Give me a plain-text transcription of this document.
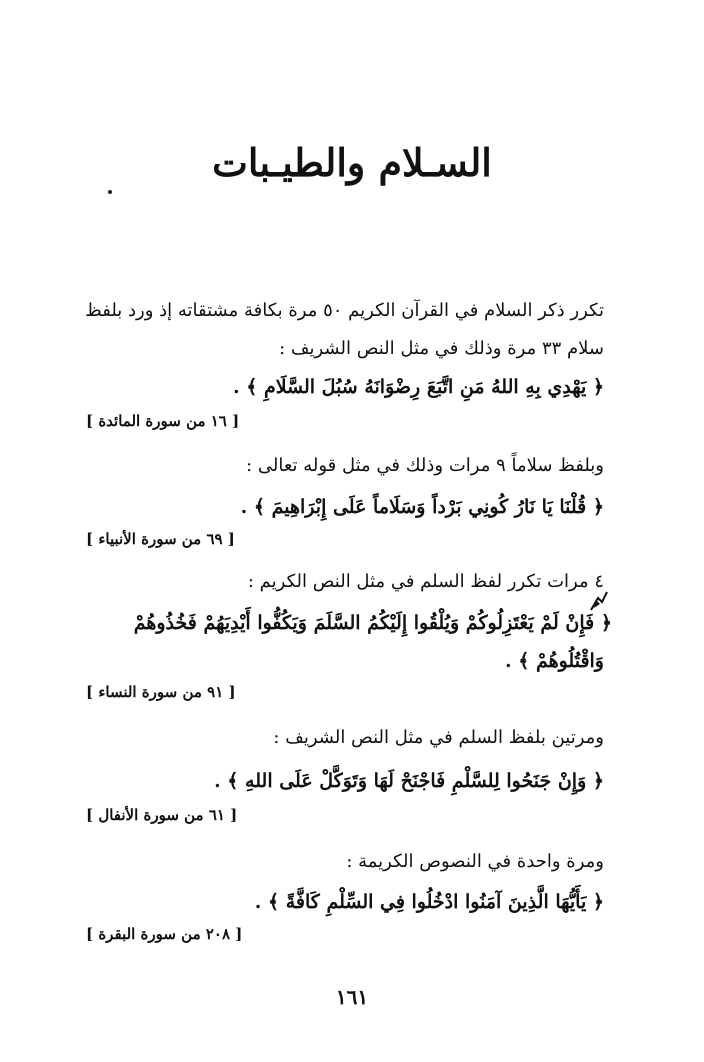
السـلام والطيـبات
تكرر ذكر السلام في القرآن الكريم ٥٠ مرة بكافة مشتقاته إذ ورد بلفظ
سلام ٣٣ مرة وذلك في مثل النص الشريف :
﴿ يَهْدِي بِهِ اللهُ مَنِ اتَّبَعَ رِضْوَانَهُ سُبُلَ السَّلَامِ ﴾ .
[ ١٦ من سورة المائدة ]
وبلفظ سلاماً ٩ مرات وذلك في مثل قوله تعالى :
﴿ قُلْنَا يَا نَارُ كُونِي بَرْداً وَسَلَاماً عَلَى إِبْرَاهِيمَ ﴾ .
[ ٦٩ من سورة الأنبياء ]
٤ مرات تكرر لفظ السلم في مثل النص الكريم :
﴿ فَإِنْ لَمْ يَعْتَزِلُوكُمْ وَيُلْقُوا إِلَيْكُمُ السَّلَمَ وَيَكُفُّوا أَيْدِيَهُمْ فَخُذُوهُمْ
وَاقْتُلُوهُمْ ﴾ .
[ ٩١ من سورة النساء ]
ومرتين بلفظ السلم في مثل النص الشريف :
﴿ وَإِنْ جَنَحُوا لِلسَّلْمِ فَاجْنَحْ لَهَا وَتَوَكَّلْ عَلَى اللهِ ﴾ .
[ ٦١ من سورة الأنفال ]
ومرة واحدة في النصوص الكريمة :
﴿ يَأَيُّهَا الَّذِينَ آمَنُوا ادْخُلُوا فِي السِّلْمِ كَافَّةً ﴾ .
[ ٢٠٨ من سورة البقرة ]
١٦١
